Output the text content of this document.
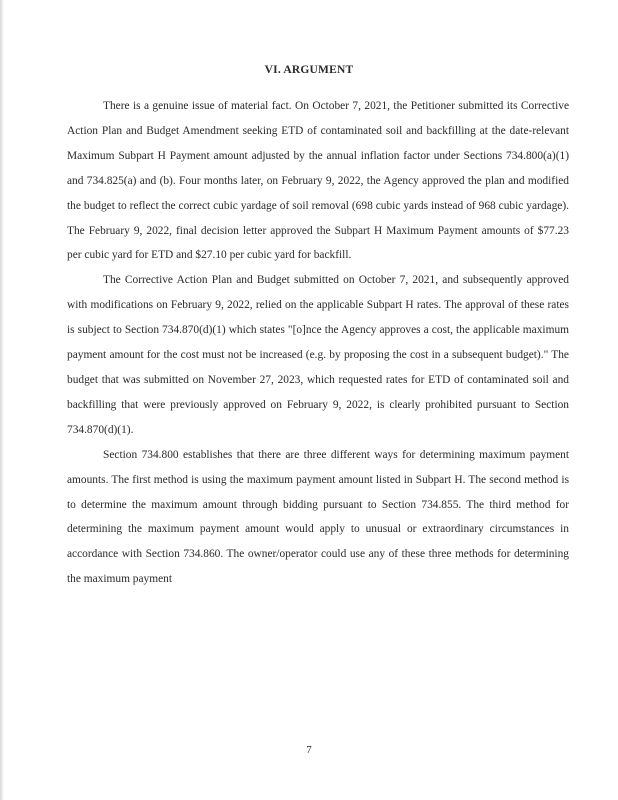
VI. ARGUMENT

There is a genuine issue of material fact. On October 7, 2021, the Petitioner submitted its Corrective Action Plan and Budget Amendment seeking ETD of contaminated soil and backfilling at the date-relevant Maximum Subpart H Payment amount adjusted by the annual inflation factor under Sections 734.800(a)(1) and 734.825(a) and (b). Four months later, on February 9, 2022, the Agency approved the plan and modified the budget to reflect the correct cubic yardage of soil removal (698 cubic yards instead of 968 cubic yardage). The February 9, 2022, final decision letter approved the Subpart H Maximum Payment amounts of $77.23 per cubic yard for ETD and $27.10 per cubic yard for backfill.

The Corrective Action Plan and Budget submitted on October 7, 2021, and subsequently approved with modifications on February 9, 2022, relied on the applicable Subpart H rates. The approval of these rates is subject to Section 734.870(d)(1) which states "[o]nce the Agency approves a cost, the applicable maximum payment amount for the cost must not be increased (e.g. by proposing the cost in a subsequent budget)." The budget that was submitted on November 27, 2023, which requested rates for ETD of contaminated soil and backfilling that were previously approved on February 9, 2022, is clearly prohibited pursuant to Section 734.870(d)(1).

Section 734.800 establishes that there are three different ways for determining maximum payment amounts. The first method is using the maximum payment amount listed in Subpart H. The second method is to determine the maximum amount through bidding pursuant to Section 734.855. The third method for determining the maximum payment amount would apply to unusual or extraordinary circumstances in accordance with Section 734.860. The owner/operator could use any of these three methods for determining the maximum payment

7
